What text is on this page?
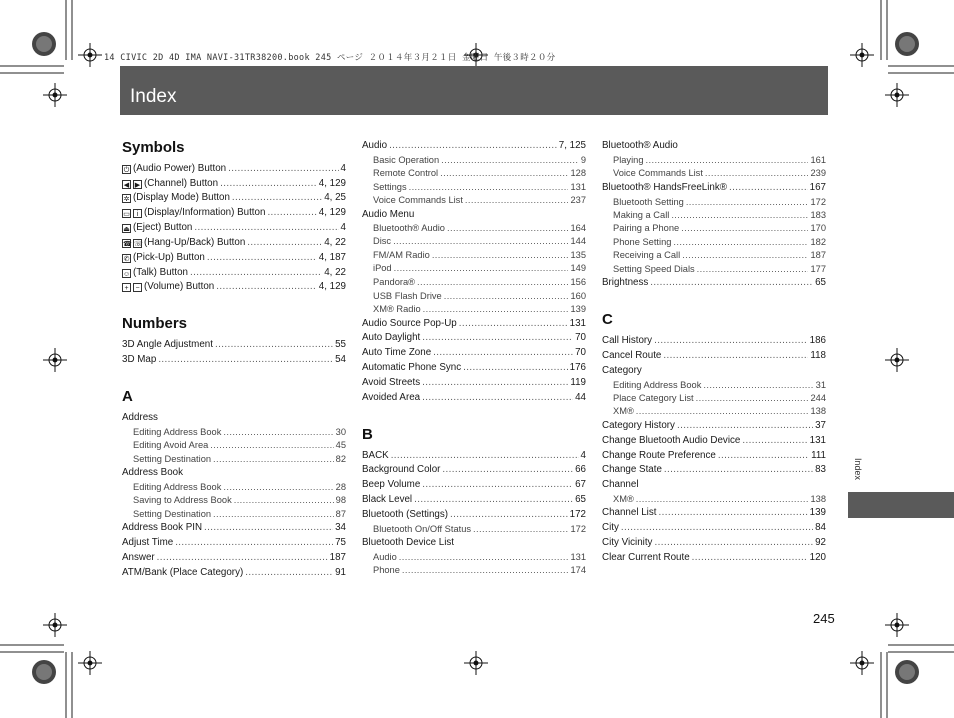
14 CIVIC 2D 4D IMA NAVI-31TR38200.book 245 ページ ２０１４年３月２１日 金曜日 午後３時２０分
Index
Symbols
⏻ (Audio Power) Button .....	4
◀ ▶ (Channel) Button .....	4, 129
✲ (Display Mode) Button .....	4, 25
▭ i (Display/Information) Button .....	4, 129
⏏ (Eject) Button .....	4
☎ ☏(Hang-Up/Back) Button .....	4, 22
✆ (Pick-Up) Button .....	4, 187
☺ (Talk) Button .....	4, 22
+ − (Volume) Button .....	4, 129
Numbers
3D Angle Adjustment .....	55
3D Map .....	54
A
Address
Editing Address Book .....	30
Editing Avoid Area .....	45
Setting Destination .....	82
Address Book
Editing Address Book .....	28
Saving to Address Book .....	98
Setting Destination .....	87
Address Book PIN .....	34
Adjust Time .....	75
Answer .....	187
ATM/Bank (Place Category) .....	91
Audio .....	7, 125
Basic Operation .....	9
Remote Control .....	128
Settings .....	131
Voice Commands List .....	237
Audio Menu
Bluetooth® Audio .....	164
Disc .....	144
FM/AM Radio .....	135
iPod .....	149
Pandora® .....	156
USB Flash Drive .....	160
XM® Radio .....	139
Audio Source Pop-Up .....	131
Auto Daylight .....	70
Auto Time Zone .....	70
Automatic Phone Sync .....	176
Avoid Streets .....	119
Avoided Area .....	44
B
BACK .....	4
Background Color .....	66
Beep Volume .....	67
Black Level .....	65
Bluetooth (Settings) .....	172
Bluetooth On/Off Status .....	172
Bluetooth Device List
Audio .....	131
Phone .....	174
Bluetooth® Audio
Playing .....	161
Voice Commands List .....	239
Bluetooth® HandsFreeLink® .....	167
Bluetooth Setting .....	172
Making a Call .....	183
Pairing a Phone .....	170
Phone Setting .....	182
Receiving a Call .....	187
Setting Speed Dials .....	177
Brightness .....	65
C
Call History .....	186
Cancel Route .....	118
Category
Editing Address Book .....	31
Place Category List .....	244
XM® .....	138
Category History .....	37
Change Bluetooth Audio Device .....	131
Change Route Preference .....	111
Change State .....	83
Channel
XM® .....	138
Channel List .....	139
City .....	84
City Vicinity .....	92
Clear Current Route .....	120
Index
245
